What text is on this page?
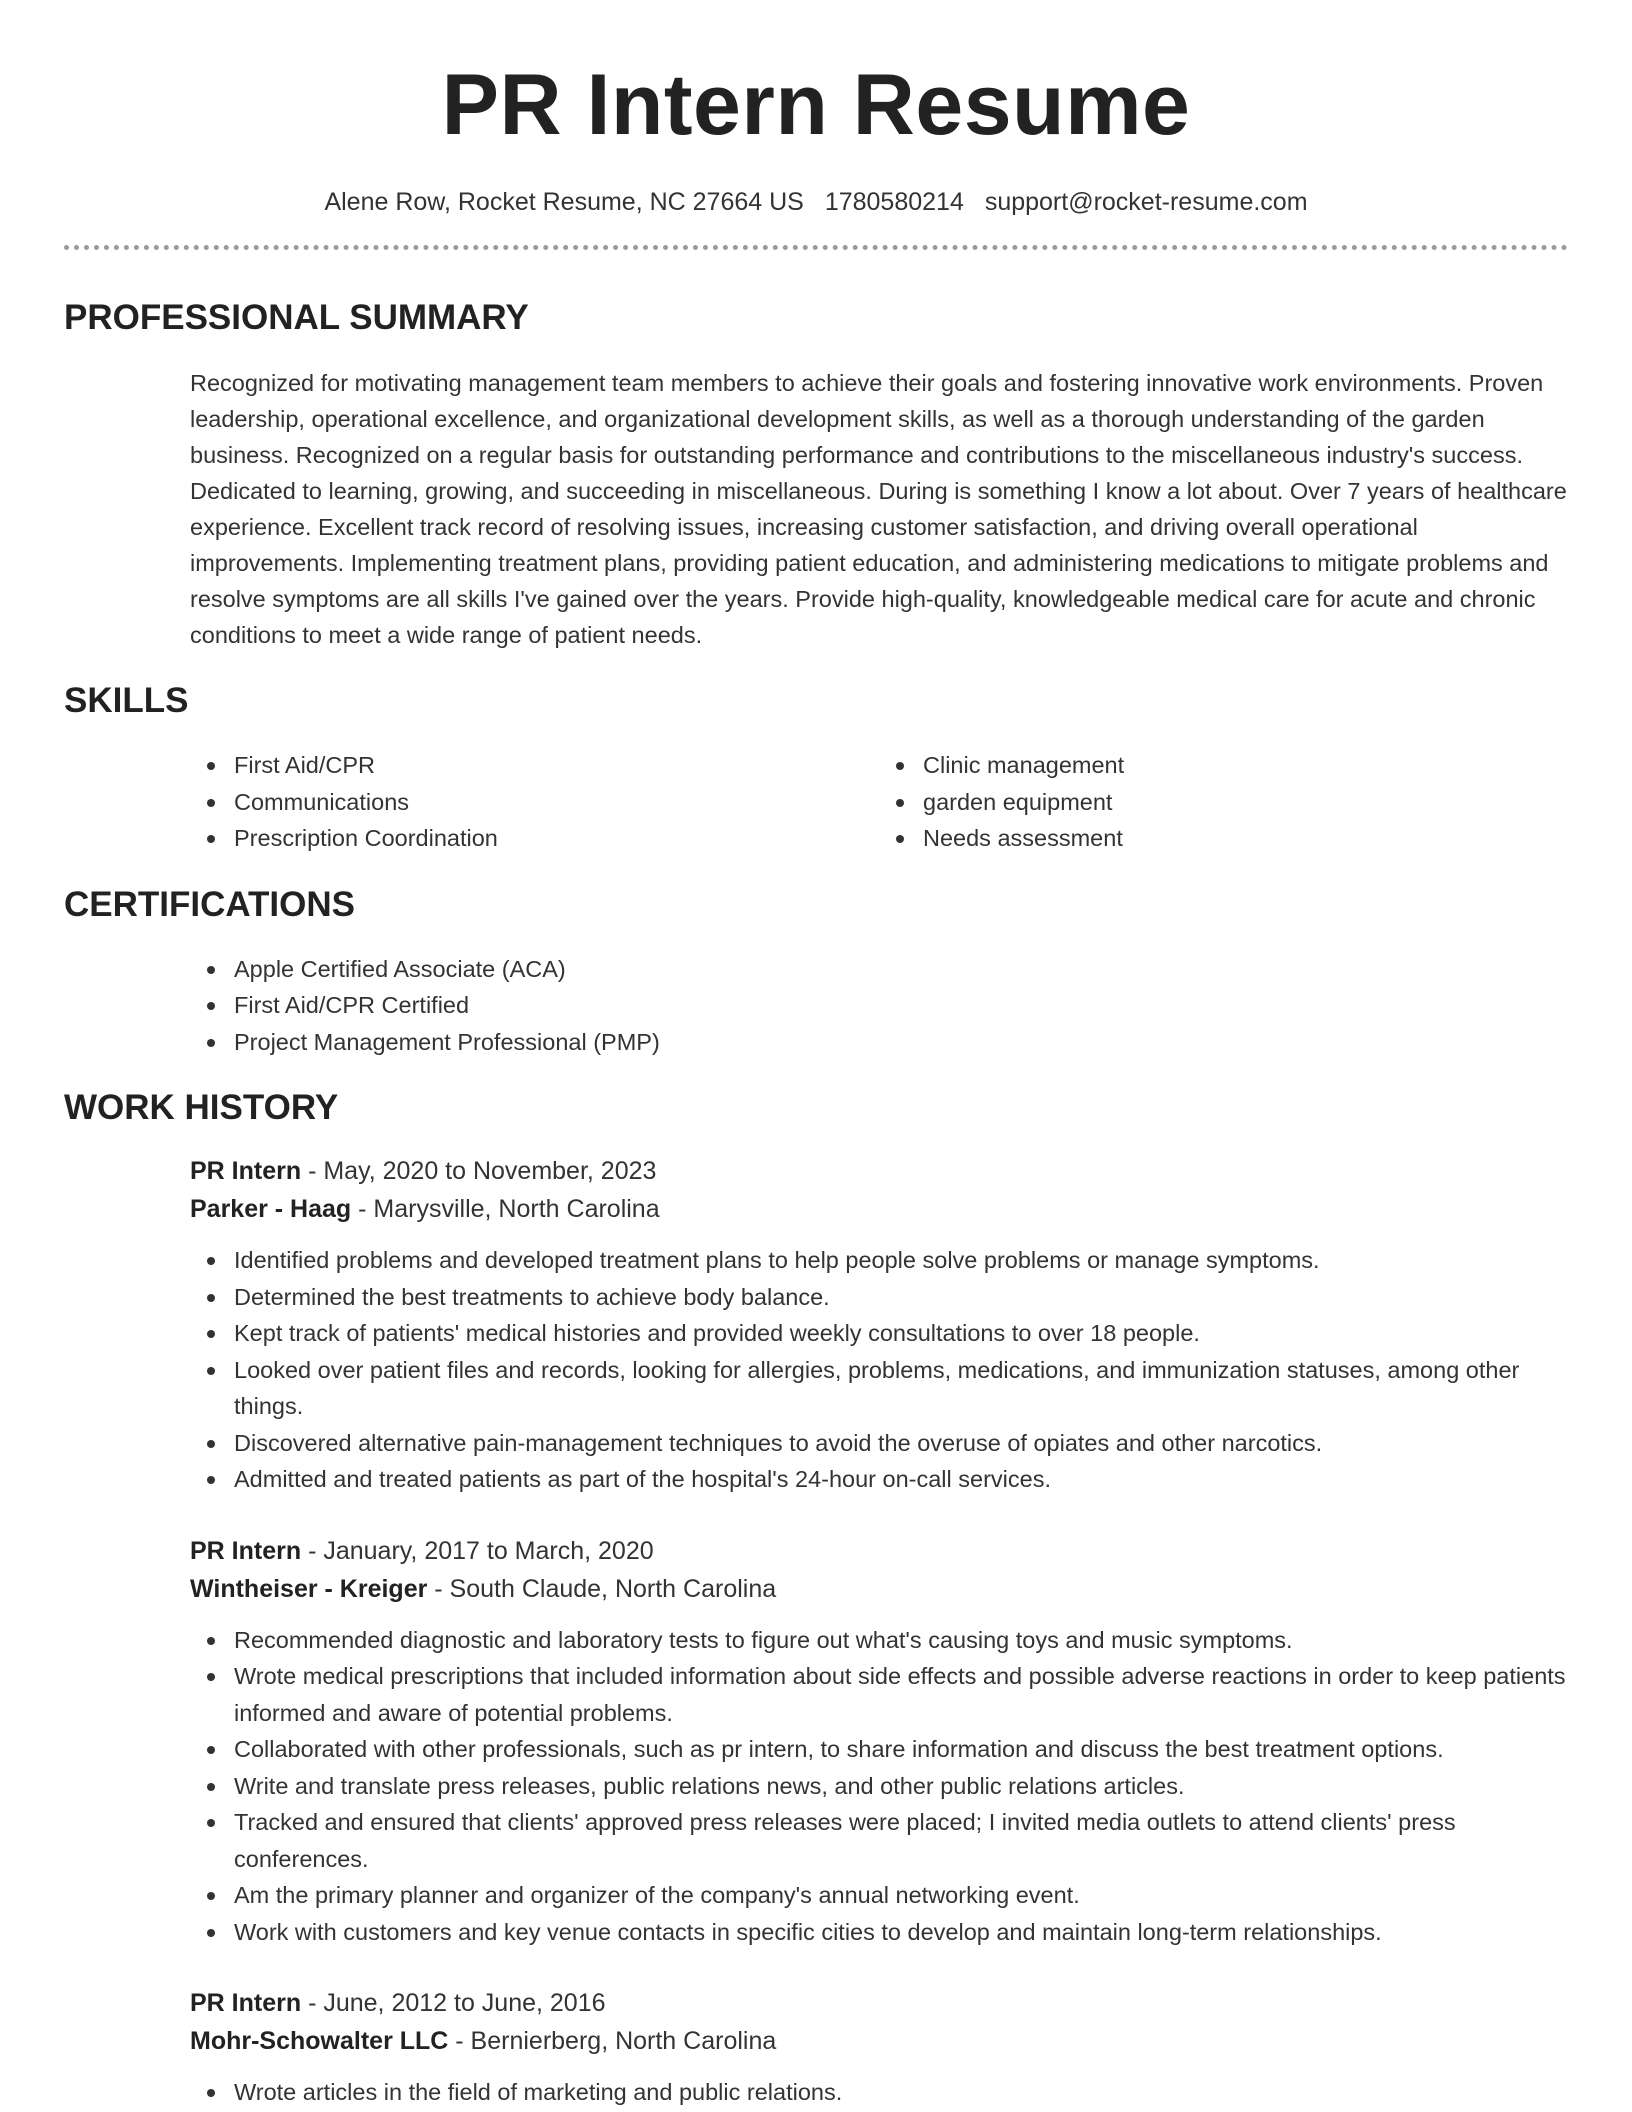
PR Intern Resume
Alene Row, Rocket Resume, NC 27664 US 1780580214 support@rocket-resume.com
PROFESSIONAL SUMMARY

Recognized for motivating management team members to achieve their goals and fostering innovative work environments. Proven leadership, operational excellence, and organizational development skills, as well as a thorough understanding of the garden business. Recognized on a regular basis for outstanding performance and contributions to the miscellaneous industry's success. Dedicated to learning, growing, and succeeding in miscellaneous. During is something I know a lot about. Over 7 years of healthcare experience. Excellent track record of resolving issues, increasing customer satisfaction, and driving overall operational improvements. Implementing treatment plans, providing patient education, and administering medications to mitigate problems and resolve symptoms are all skills I've gained over the years. Provide high-quality, knowledgeable medical care for acute and chronic conditions to meet a wide range of patient needs.

SKILLS
First Aid/CPR
Communications
Prescription Coordination
Clinic management
garden equipment
Needs assessment
CERTIFICATIONS
Apple Certified Associate (ACA)
First Aid/CPR Certified
Project Management Professional (PMP)
WORK HISTORY
PR Intern - May, 2020 to November, 2023
Parker - Haag - Marysville, North Carolina
Identified problems and developed treatment plans to help people solve problems or manage symptoms.
Determined the best treatments to achieve body balance.
Kept track of patients' medical histories and provided weekly consultations to over 18 people.
Looked over patient files and records, looking for allergies, problems, medications, and immunization statuses, among other things.
Discovered alternative pain-management techniques to avoid the overuse of opiates and other narcotics.
Admitted and treated patients as part of the hospital's 24-hour on-call services.
PR Intern - January, 2017 to March, 2020
Wintheiser - Kreiger - South Claude, North Carolina
Recommended diagnostic and laboratory tests to figure out what's causing toys and music symptoms.
Wrote medical prescriptions that included information about side effects and possible adverse reactions in order to keep patients informed and aware of potential problems.
Collaborated with other professionals, such as pr intern, to share information and discuss the best treatment options.
Write and translate press releases, public relations news, and other public relations articles.
Tracked and ensured that clients' approved press releases were placed; I invited media outlets to attend clients' press conferences.
Am the primary planner and organizer of the company's annual networking event.
Work with customers and key venue contacts in specific cities to develop and maintain long-term relationships.
PR Intern - June, 2012 to June, 2016
Mohr-Schowalter LLC - Bernierberg, North Carolina
Wrote articles in the field of marketing and public relations.
